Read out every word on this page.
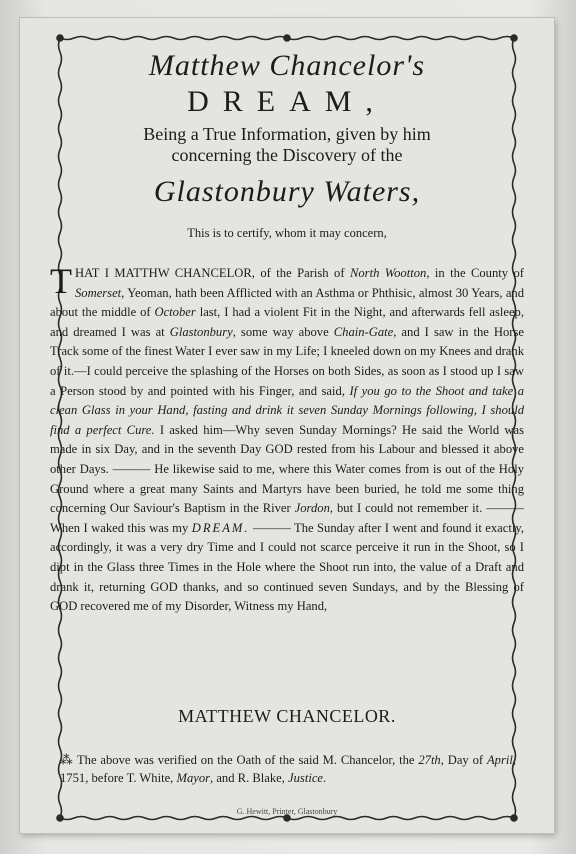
Matthew Chancelor's

DREAM,

Being a True Information, given by him

concerning the Discovery of the

Glastonbury Waters,

This is to certify, whom it may concern,

THAT I MATTHW CHANCELOR, of the Parish of North Wootton, in the County of Somerset, Yeoman, hath been Afflicted with an Asthma or Phthisic, almost 30 Years, and about the middle of October last, I had a violent Fit in the Night, and afterwards fell asleep, and dreamed I was at Glastonbury, some way above Chain-Gate, and I saw in the Horse Track some of the finest Water I ever saw in my Life; I kneeled down on my Knees and drank of it.—I could perceive the splashing of the Horses on both Sides, as soon as I stood up I saw a Person stood by and pointed with his Finger, and said, If you go to the Shoot and take a clean Glass in your Hand, fasting and drink it seven Sunday Mornings following, I should find a perfect Cure. I asked him—Why seven Sunday Mornings? He said the World was made in six Day, and in the seventh Day GOD rested from his Labour and blessed it above other Days. ——— He likewise said to me, where this Water comes from is out of the Holy Ground where a great many Saints and Martyrs have been buried, he told me some thing concerning Our Saviour's Baptism in the River Jordon, but I could not remember it. ——— When I waked this was my DREAM. ——— The Sunday after I went and found it exactly, accordingly, it was a very dry Time and I could not scarce perceive it run in the Shoot, so I dipt in the Glass three Times in the Hole where the Shoot run into, the value of a Draft and drank it, returning GOD thanks, and so continued seven Sundays, and by the Blessing of GOD recovered me of my Disorder, Witness my Hand,
MATTHEW CHANCELOR.
⁂ The above was verified on the Oath of the said M. Chancelor, the 27th, Day of April, 1751, before T. White, Mayor, and R. Blake, Justice.
G. Hewitt, Printer, Glastonbury
